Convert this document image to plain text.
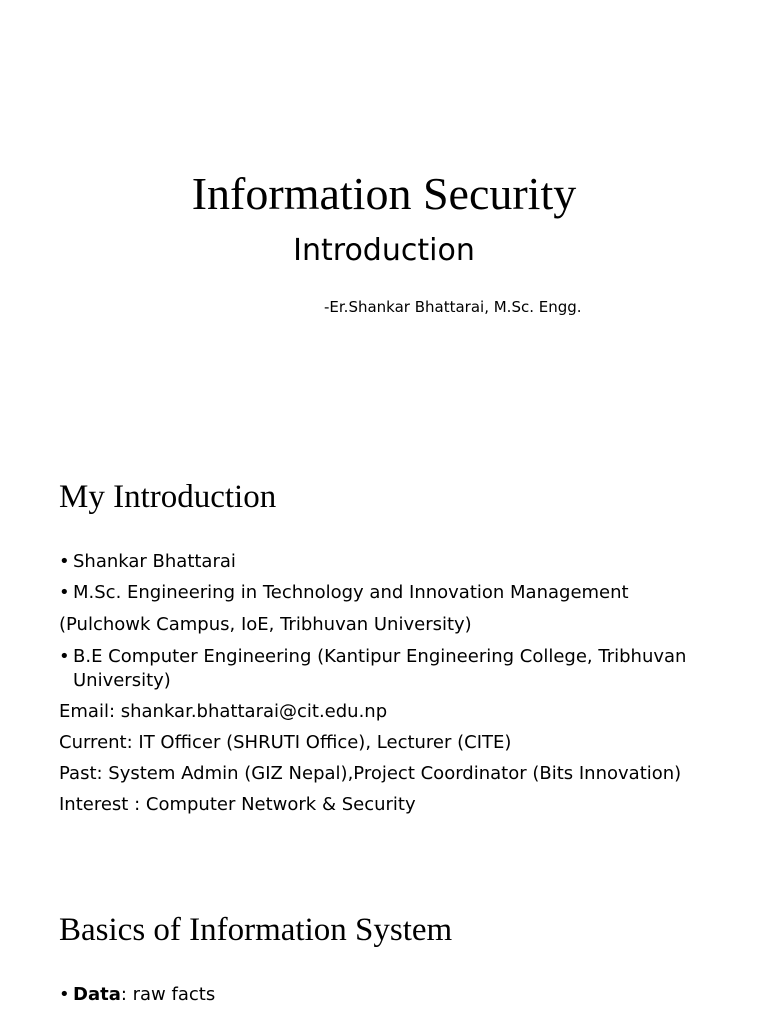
Information Security
Introduction
-Er.Shankar Bhattarai, M.Sc. Engg.
My Introduction
• Shankar Bhattarai
• M.Sc. Engineering in Technology and Innovation Management
(Pulchowk Campus, IoE, Tribhuvan University)
• B.E Computer Engineering (Kantipur Engineering College, Tribhuvan
University)
Email: shankar.bhattarai@cit.edu.np
Current: IT Officer (SHRUTI Office), Lecturer (CITE)
Past: System Admin (GIZ Nepal),Project Coordinator (Bits Innovation)
Interest : Computer Network & Security
Basics of Information System
• Data: raw facts
